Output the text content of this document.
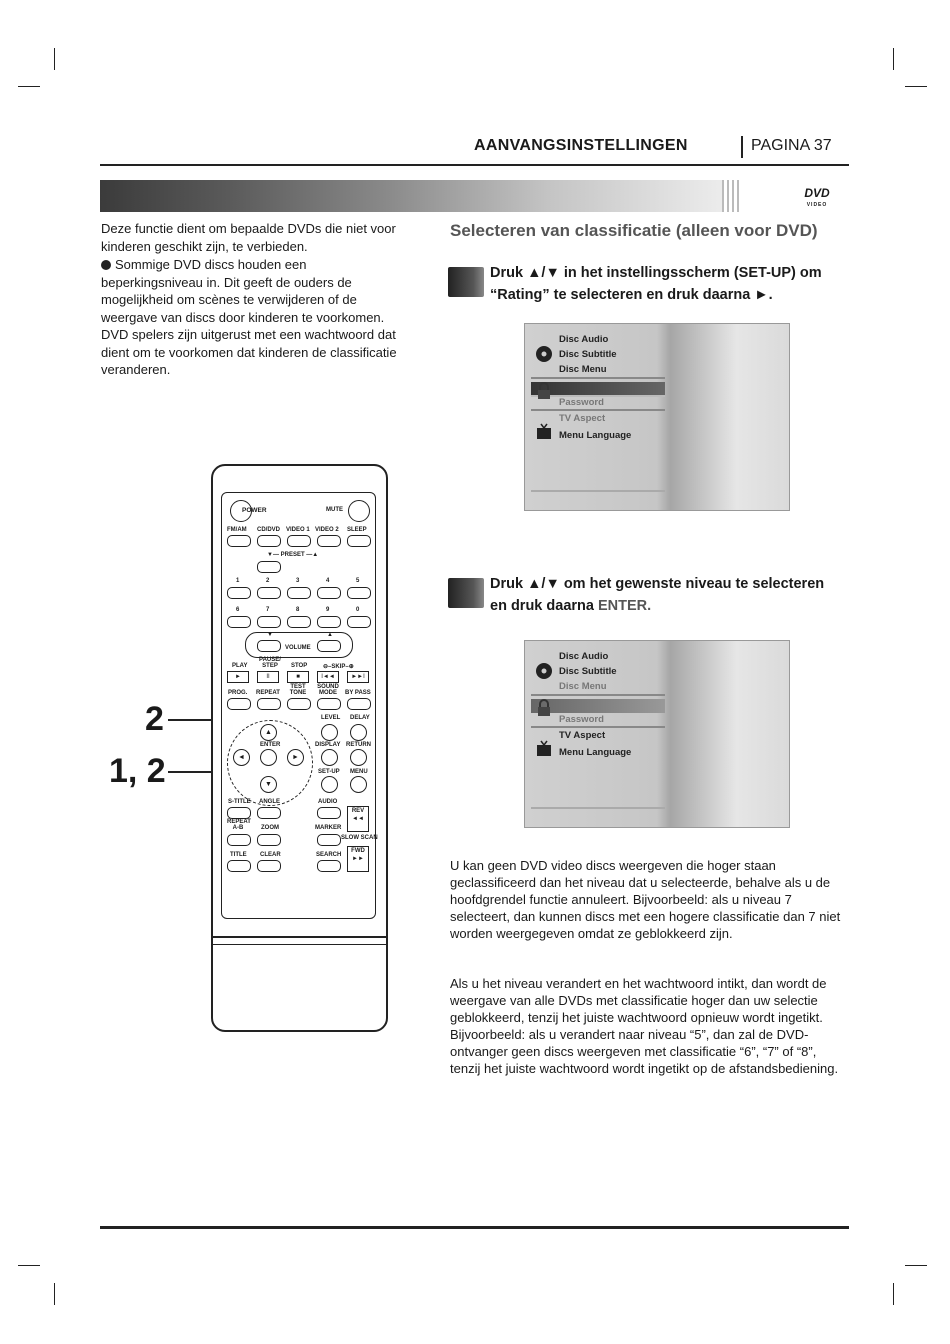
AANVANGSINSTELLINGEN	PAGINA 37
DVD
VIDEO
Deze functie dient om bepaalde DVDs die niet voor kinderen geschikt zijn, te verbieden.
Sommige DVD discs houden een beperkingsniveau in. Dit geeft de ouders de mogelijkheid om scènes te verwijderen of de weergave van discs door kinderen te voorkomen. DVD spelers zijn uitgerust met een wachtwoord dat dient om te voorkomen dat kinderen de classificatie veranderen.
Selecteren van classificatie (alleen voor DVD)
Druk ▲/▼ in het instellingsscherm (SET-UP) om “Rating” te selecteren en druk daarna ►.
Disc Audio
Disc Subtitle
Disc Menu
Password
TV Aspect
Menu Language
Druk ▲/▼ om het gewenste niveau te selecteren en druk daarna ENTER.
Disc Audio
Disc Subtitle
Disc Menu
Password
TV Aspect
Menu Language
U kan geen DVD video discs weergeven die hoger staan geclassificeerd dan het niveau dat u selecteerde, behalve als u de hoofdgrendel functie annuleert. Bijvoorbeeld: als u niveau 7 selecteert, dan kunnen discs met een hogere classificatie dan 7 niet worden weergegeven omdat ze geblokkeerd zijn.
Als u het niveau verandert en het wachtwoord intikt, dan wordt de weergave van alle DVDs met classificatie hoger dan uw selectie geblokkeerd, tenzij het juiste wachtwoord opnieuw wordt ingetikt. Bijvoorbeeld: als u verandert naar niveau “5”, dan zal de DVD-ontvanger geen discs weergeven met classificatie “6”, “7” of “8”, tenzij het juiste wachtwoord wordt ingetikt op de afstandsbediening.
2
1, 2
POWER	MUTE
FM/AM CD/DVD VIDEO 1 VIDEO 2 SLEEP
▼— PRESET —▲
1	2	3	4	5
6	7	8	9	0
▼	▲
VOLUME
PLAY
PAUSE/ STEP	STOP	⊖–SKIP–⊕
►	II	■	I◄◄	►►I
PROG. REPEAT
TEST TONE
SOUND MODE	BY PASS
▲
◄
ENTER
►
▼
LEVEL DELAY
DISPLAY RETURN
SET-UP MENU
S-TITLE ANGLE	AUDIO
REV
◄◄
REPEAT A-B	ZOOM	MARKER
SLOW SCAN
TITLE CLEAR	SEARCH
FWD
►►
